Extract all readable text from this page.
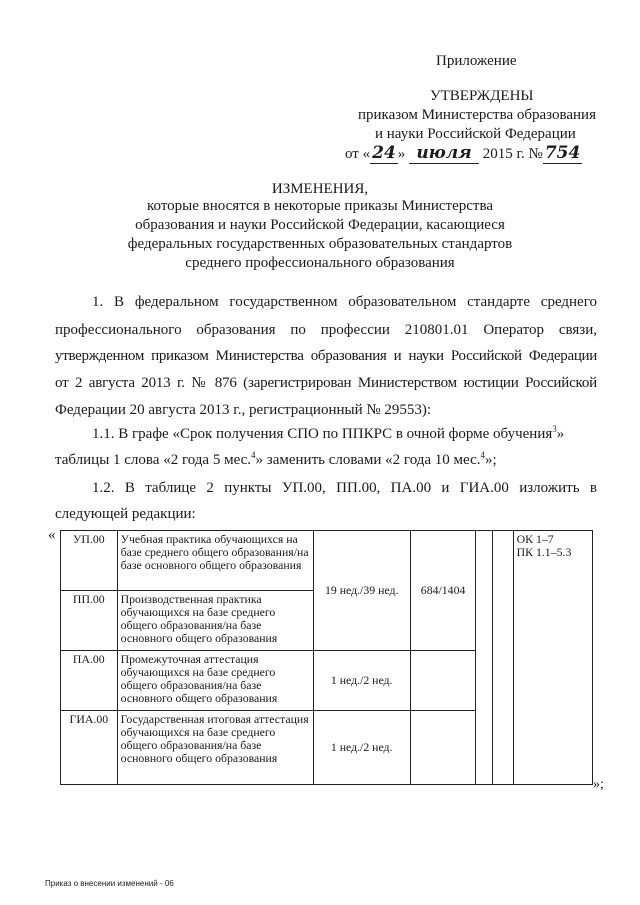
Приложение
УТВЕРЖДЕНЫ
приказом Министерства образования
и науки Российской Федерации
от « 24 » июля 2015 г. № 754
ИЗМЕНЕНИЯ,
которые вносятся в некоторые приказы Министерства
образования и науки Российской Федерации, касающиеся
федеральных государственных образовательных стандартов
среднего профессионального образования
1. В федеральном государственном образовательном стандарте среднего
профессионального образования по профессии 210801.01 Оператор связи,
утвержденном приказом Министерства образования и науки Российской Федерации
от 2 августа 2013 г. № 876 (зарегистрирован Министерством юстиции Российской
Федерации 20 августа 2013 г., регистрационный № 29553):
1.1. В графе «Срок получения СПО по ППКРС в очной форме обучения$^3$»
таблицы 1 слова «2 года 5 мес.$^4$» заменить словами «2 года 10 мес.$^4$»;
1.2. В таблице 2 пункты УП.00, ПП.00, ПА.00 и ГИА.00 изложить в
следующей редакции:
«
»;
УП.00	Учебная практика обучающихся на базе среднего общего образования/на базе основного общего образования	19 нед./39 нед.	684/1404			ОК 1–7
ПК 1.1–5.3

ПП.00	Производственная практика обучающихся на базе среднего общего образования/на базе основного общего образования					
ПА.00	Промежуточная аттестация обучающихся на базе среднего общего образования/на базе основного общего образования	1 нед./2 нед.				
ГИА.00	Государственная итоговая аттестация обучающихся на базе среднего общего образования/на базе основного общего образования	1 нед./2 нед.				
Приказ о внесении изменений - 06
